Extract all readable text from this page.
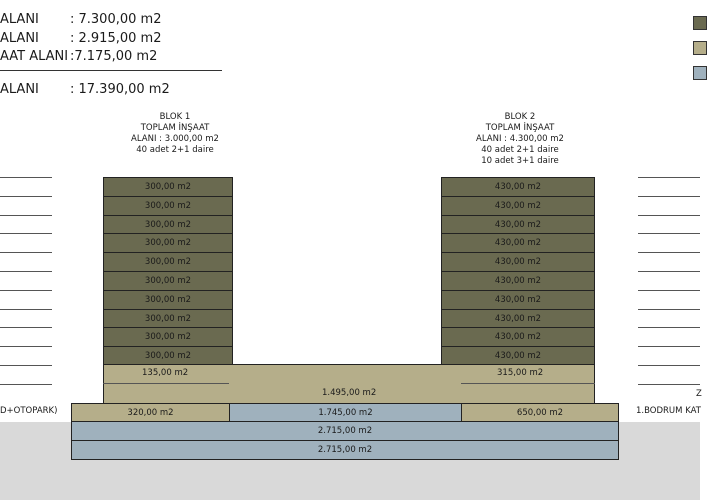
ALANI : 7.300,00 m2
ALANI : 2.915,00 m2
AAT ALANI :7.175,00 m2
ALANI : 17.390,00 m2
BLOK 1
TOPLAM İNŞAAT
ALANI : 3.000,00 m2
40 adet 2+1 daire
BLOK 2
TOPLAM İNŞAAT
ALANI : 4.300,00 m2
40 adet 2+1 daire
10 adet 3+1 daire
300,00 m2
300,00 m2
300,00 m2
300,00 m2
300,00 m2
300,00 m2
300,00 m2
300,00 m2
300,00 m2
300,00 m2
430,00 m2
430,00 m2
430,00 m2
430,00 m2
430,00 m2
430,00 m2
430,00 m2
430,00 m2
430,00 m2
430,00 m2
1.495,00 m2
135,00 m2	315,00 m2
320,00 m2	1.745,00 m2	650,00 m2
2.715,00 m2
2.715,00 m2
D+OTOPARK)	1.BODRUM KAT
Z
